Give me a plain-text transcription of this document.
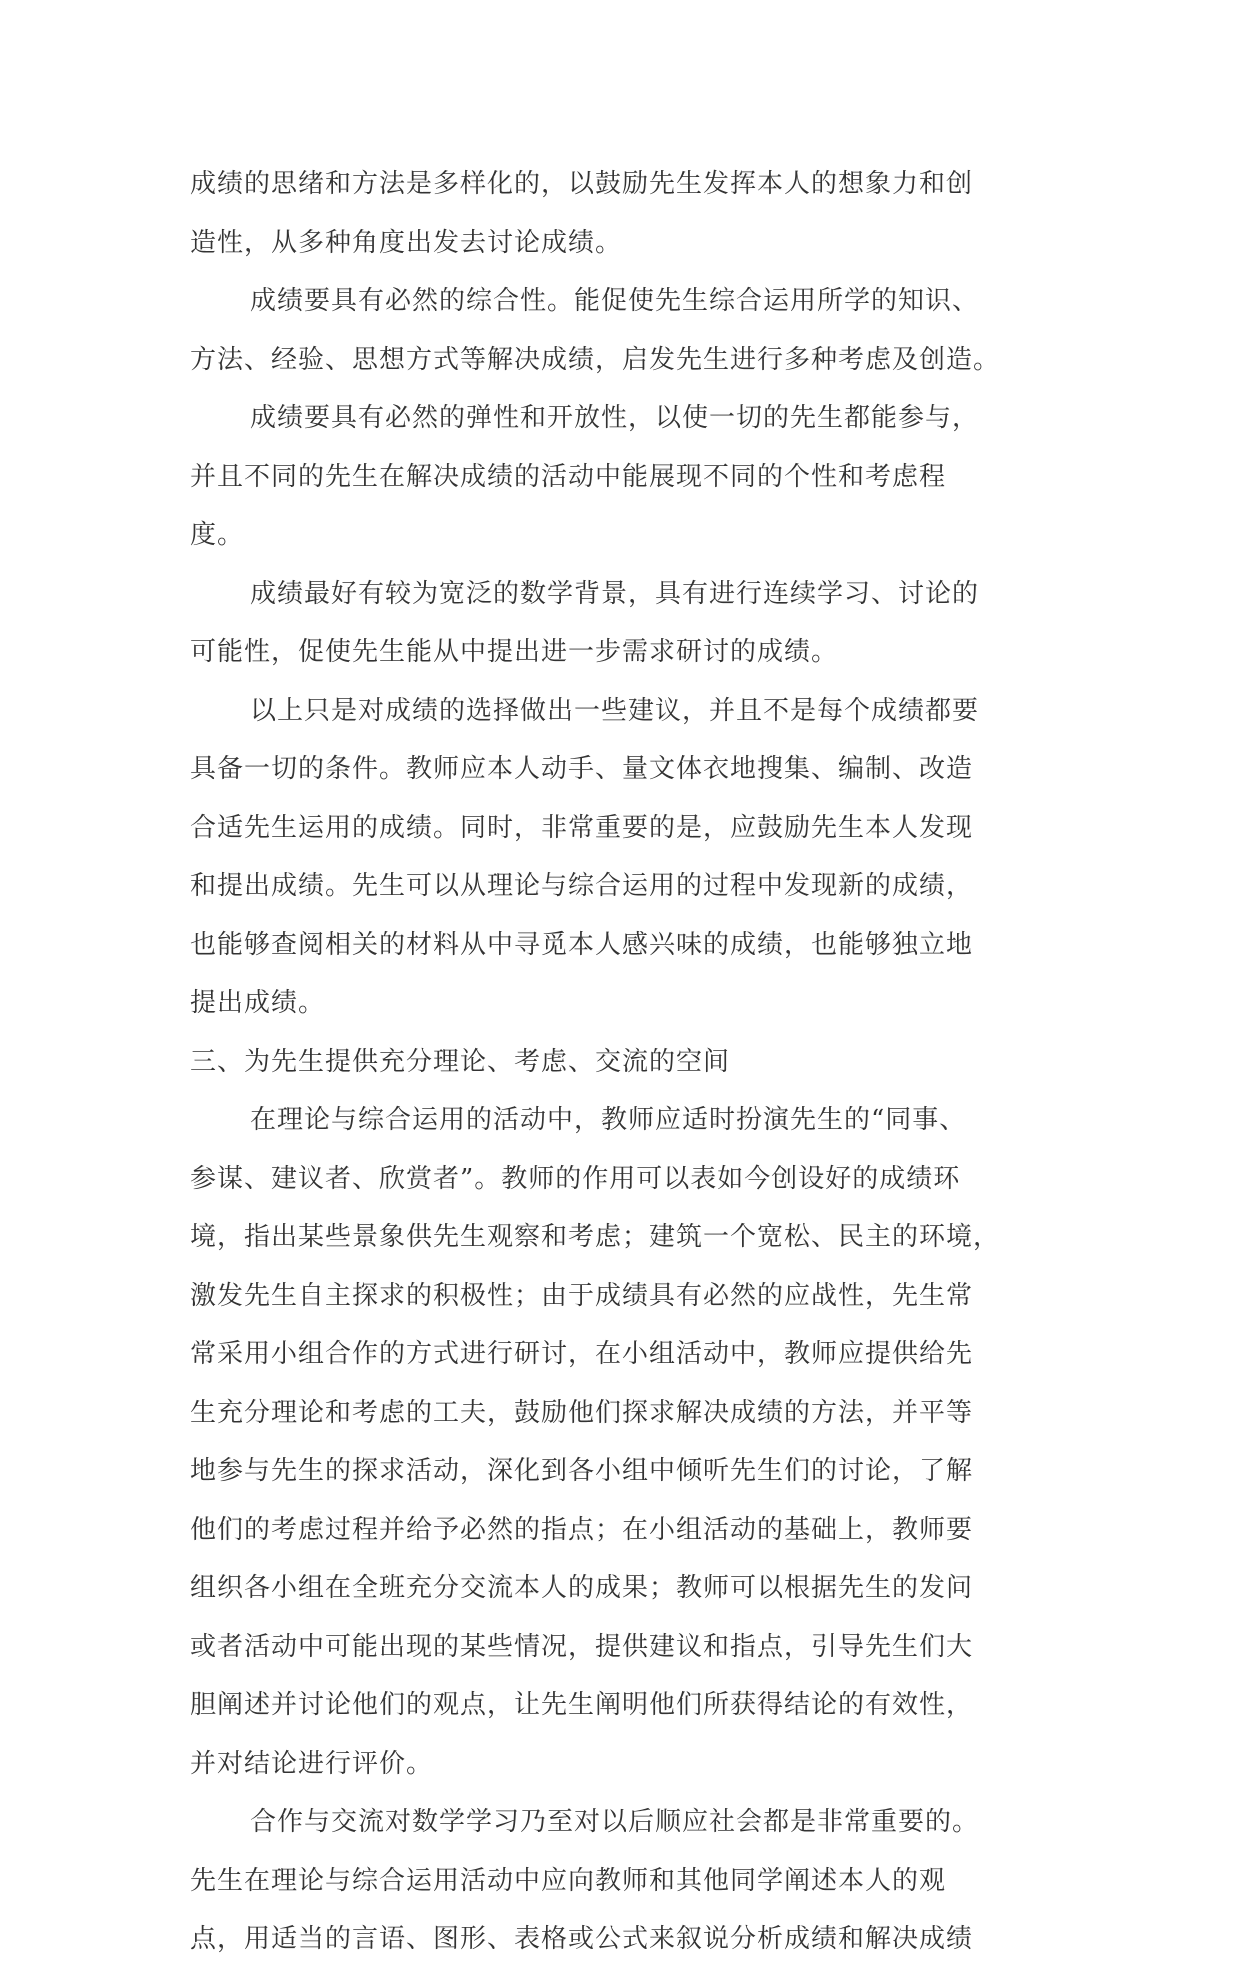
成绩的思绪和方法是多样化的，以鼓励先生发挥本人的想象力和创
造性，从多种角度出发去讨论成绩。
成绩要具有必然的综合性。能促使先生综合运用所学的知识、
方法、经验、思想方式等解决成绩，启发先生进行多种考虑及创造。
成绩要具有必然的弹性和开放性，以使一切的先生都能参与，
并且不同的先生在解决成绩的活动中能展现不同的个性和考虑程
度。
成绩最好有较为宽泛的数学背景，具有进行连续学习、讨论的
可能性，促使先生能从中提出进一步需求研讨的成绩。
以上只是对成绩的选择做出一些建议，并且不是每个成绩都要
具备一切的条件。教师应本人动手、量文体衣地搜集、编制、改造
合适先生运用的成绩。同时，非常重要的是，应鼓励先生本人发现
和提出成绩。先生可以从理论与综合运用的过程中发现新的成绩，
也能够查阅相关的材料从中寻觅本人感兴味的成绩，也能够独立地
提出成绩。
三、为先生提供充分理论、考虑、交流的空间
在理论与综合运用的活动中，教师应适时扮演先生的“同事、
参谋、建议者、欣赏者”。教师的作用可以表如今创设好的成绩环
境，指出某些景象供先生观察和考虑；建筑一个宽松、民主的环境，
激发先生自主探求的积极性；由于成绩具有必然的应战性，先生常
常采用小组合作的方式进行研讨，在小组活动中，教师应提供给先
生充分理论和考虑的工夫，鼓励他们探求解决成绩的方法，并平等
地参与先生的探求活动，深化到各小组中倾听先生们的讨论，了解
他们的考虑过程并给予必然的指点；在小组活动的基础上，教师要
组织各小组在全班充分交流本人的成果；教师可以根据先生的发问
或者活动中可能出现的某些情况，提供建议和指点，引导先生们大
胆阐述并讨论他们的观点，让先生阐明他们所获得结论的有效性，
并对结论进行评价。
合作与交流对数学学习乃至对以后顺应社会都是非常重要的。
先生在理论与综合运用活动中应向教师和其他同学阐述本人的观
点，用适当的言语、图形、表格或公式来叙说分析成绩和解决成绩
